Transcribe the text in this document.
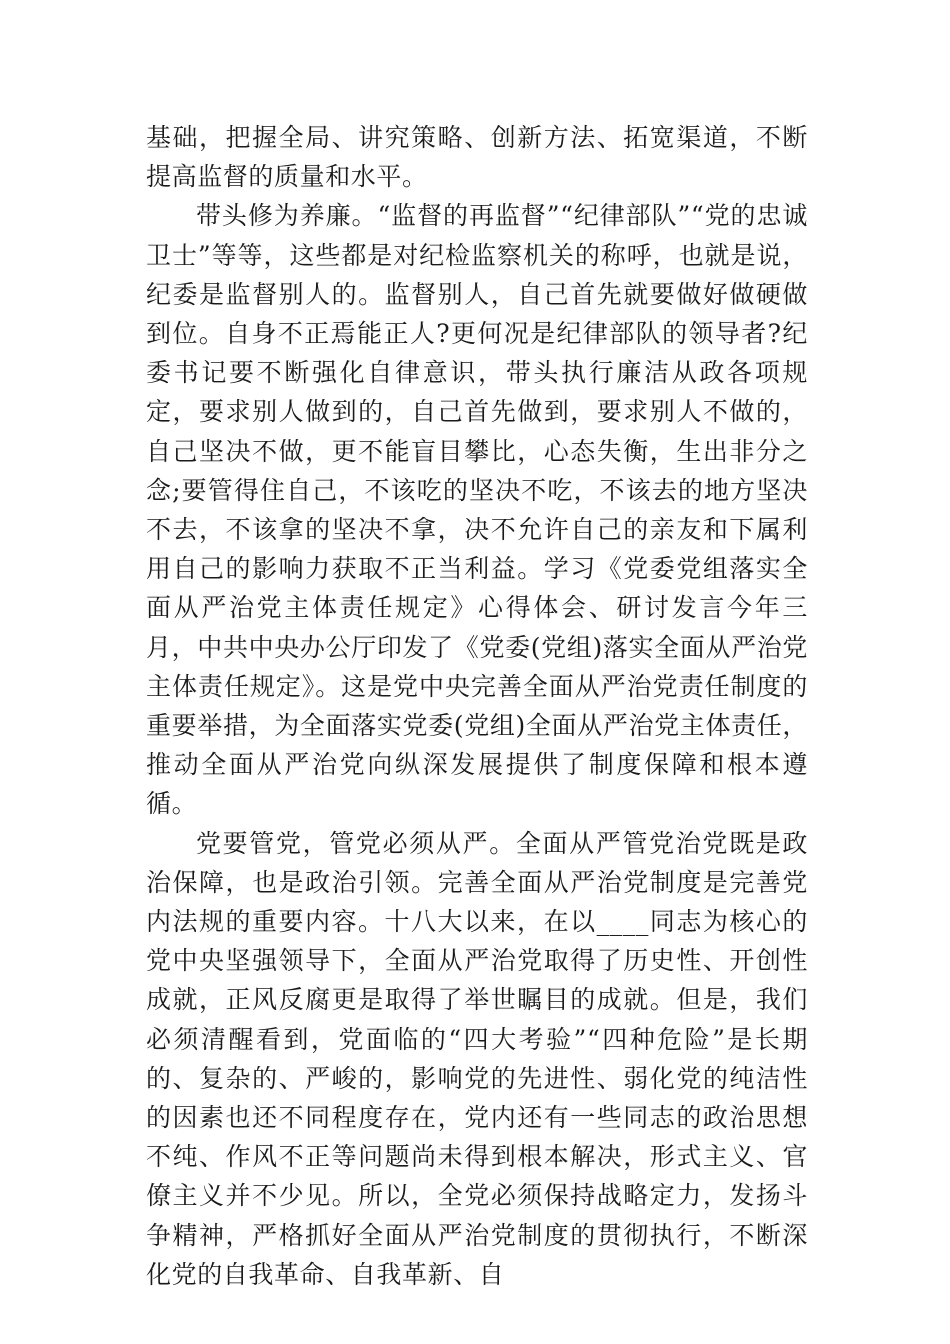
基础，把握全局、讲究策略、创新方法、拓宽渠道，不断提高监督的质量和水平。

带头修为养廉。“监督的再监督”“纪律部队”“党的忠诚卫士”等等，这些都是对纪检监察机关的称呼，也就是说，纪委是监督别人的。监督别人，自己首先就要做好做硬做到位。自身不正焉能正人?更何况是纪律部队的领导者?纪委书记要不断强化自律意识，带头执行廉洁从政各项规定，要求别人做到的，自己首先做到，要求别人不做的，自己坚决不做，更不能盲目攀比，心态失衡，生出非分之念;要管得住自己，不该吃的坚决不吃，不该去的地方坚决不去，不该拿的坚决不拿，决不允许自己的亲友和下属利用自己的影响力获取不正当利益。学习《党委党组落实全面从严治党主体责任规定》心得体会、研讨发言今年三月，中共中央办公厅印发了《党委(党组)落实全面从严治党主体责任规定》。这是党中央完善全面从严治党责任制度的重要举措，为全面落实党委(党组)全面从严治党主体责任，推动全面从严治党向纵深发展提供了制度保障和根本遵循。

党要管党，管党必须从严。全面从严管党治党既是政治保障，也是政治引领。完善全面从严治党制度是完善党内法规的重要内容。十八大以来，在以____同志为核心的党中央坚强领导下，全面从严治党取得了历史性、开创性成就，正风反腐更是取得了举世瞩目的成就。但是，我们必须清醒看到，党面临的“四大考验”“四种危险”是长期的、复杂的、严峻的，影响党的先进性、弱化党的纯洁性的因素也还不同程度存在，党内还有一些同志的政治思想不纯、作风不正等问题尚未得到根本解决，形式主义、官僚主义并不少见。所以，全党必须保持战略定力，发扬斗争精神，严格抓好全面从严治党制度的贯彻执行，不断深化党的自我革命、自我革新、自
